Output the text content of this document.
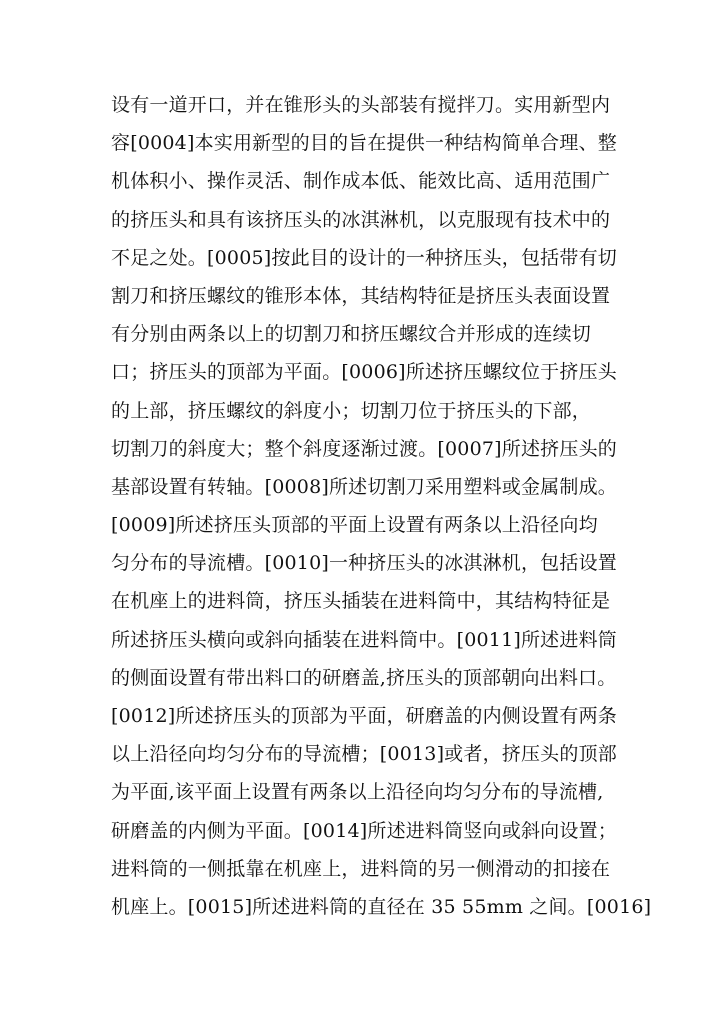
设有一道开口，并在锥形头的头部装有搅拌刀。实用新型内
容[0004]本实用新型的目的旨在提供一种结构简单合理、整
机体积小、操作灵活、制作成本低、能效比高、适用范围广
的挤压头和具有该挤压头的冰淇淋机，以克服现有技术中的
不足之处。[0005]按此目的设计的一种挤压头，包括带有切
割刀和挤压螺纹的锥形本体，其结构特征是挤压头表面设置
有分别由两条以上的切割刀和挤压螺纹合并形成的连续切
口；挤压头的顶部为平面。[0006]所述挤压螺纹位于挤压头
的上部，挤压螺纹的斜度小；切割刀位于挤压头的下部，
切割刀的斜度大；整个斜度逐渐过渡。[0007]所述挤压头的
基部设置有转轴。[0008]所述切割刀采用塑料或金属制成。
[0009]所述挤压头顶部的平面上设置有两条以上沿径向均
匀分布的导流槽。[0010]一种挤压头的冰淇淋机，包括设置
在机座上的进料筒，挤压头插装在进料筒中，其结构特征是
所述挤压头横向或斜向插装在进料筒中。[0011]所述进料筒
的侧面设置有带出料口的研磨盖,挤压头的顶部朝向出料口。
[0012]所述挤压头的顶部为平面，研磨盖的内侧设置有两条
以上沿径向均匀分布的导流槽；[0013]或者，挤压头的顶部
为平面,该平面上设置有两条以上沿径向均匀分布的导流槽,
研磨盖的内侧为平面。[0014]所述进料筒竖向或斜向设置；
进料筒的一侧抵靠在机座上，进料筒的另一侧滑动的扣接在
机座上。[0015]所述进料筒的直径在 35 55mm 之间。[0016]
